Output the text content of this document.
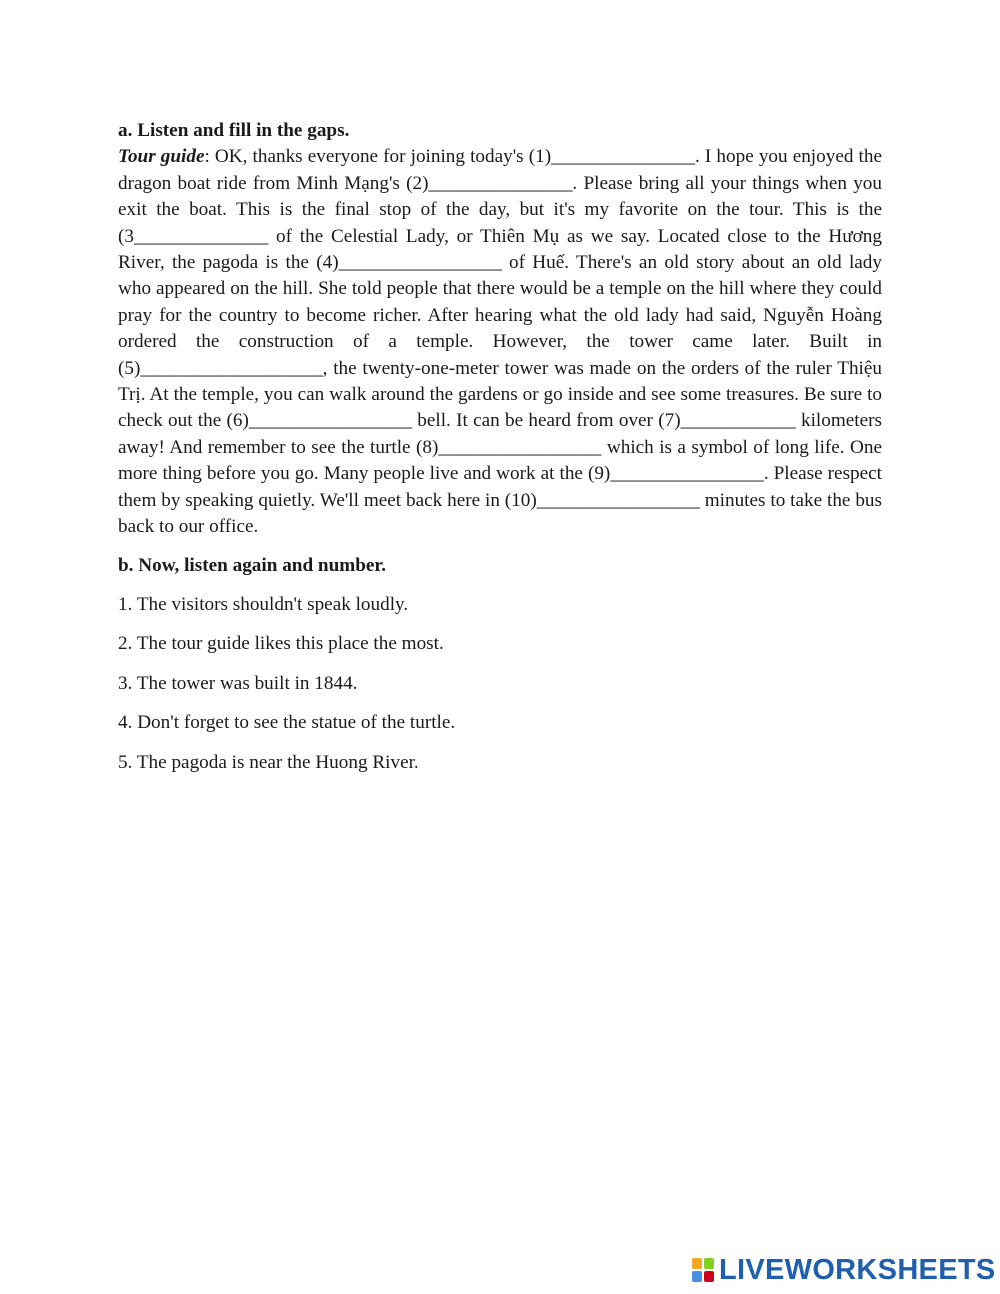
a. Listen and fill in the gaps.

Tour guide: OK, thanks everyone for joining today's (1)_______________. I hope you enjoyed the dragon boat ride from Minh Mạng's (2)_______________. Please bring all your things when you exit the boat. This is the final stop of the day, but it's my favorite on the tour. This is the (3______________ of the Celestial Lady, or Thiên Mụ as we say. Located close to the Hương River, the pagoda is the (4)_________________ of Huế. There's an old story about an old lady who appeared on the hill. She told people that there would be a temple on the hill where they could pray for the country to become richer. After hearing what the old lady had said, Nguyễn Hoàng ordered the construction of a temple. However, the tower came later. Built in (5)___________________, the twenty-one-meter tower was made on the orders of the ruler Thiệu Trị. At the temple, you can walk around the gardens or go inside and see some treasures. Be sure to check out the (6)_________________ bell. It can be heard from over (7)____________ kilometers away! And remember to see the turtle (8)_________________ which is a symbol of long life. One more thing before you go. Many people live and work at the (9)________________. Please respect them by speaking quietly. We'll meet back here in (10)_________________ minutes to take the bus back to our office.

b. Now, listen again and number.
1. The visitors shouldn't speak loudly.
2. The tour guide likes this place the most.
3. The tower was built in 1844.
4. Don't forget to see the statue of the turtle.
5. The pagoda is near the Huong River.
LIVEWORKSHEETS
